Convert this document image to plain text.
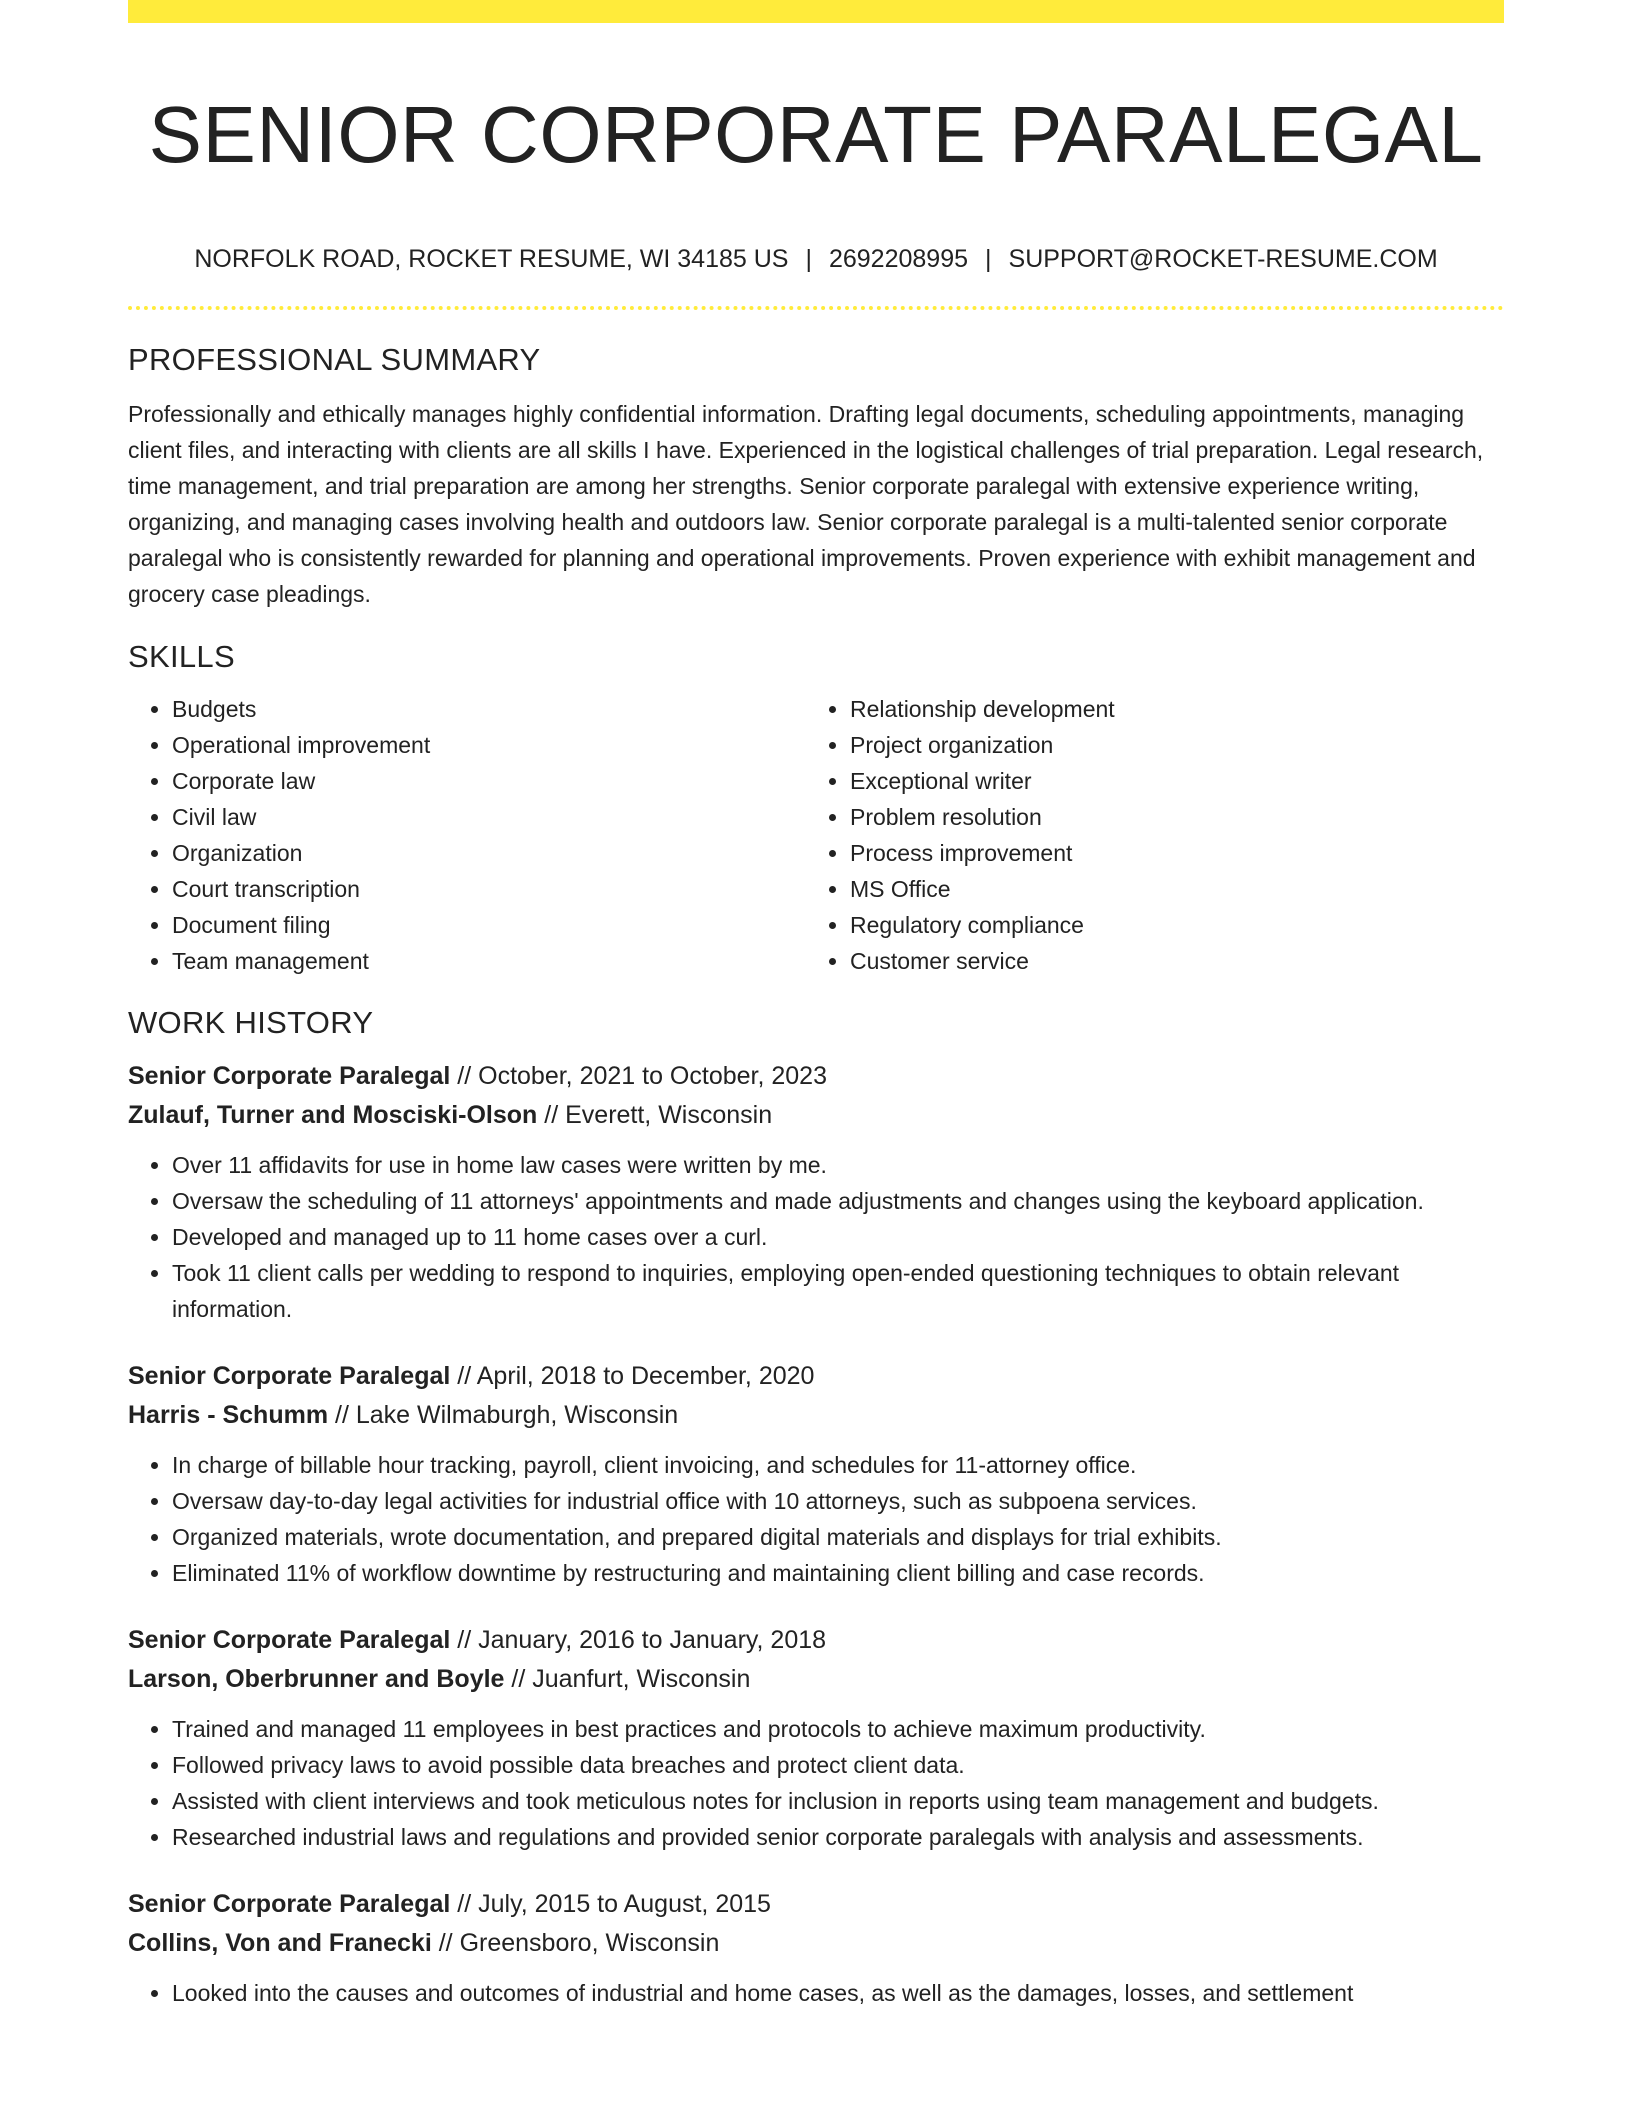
SENIOR CORPORATE PARALEGAL
NORFOLK ROAD, ROCKET RESUME, WI 34185 US | 2692208995 | SUPPORT@ROCKET-RESUME.COM
PROFESSIONAL SUMMARY

Professionally and ethically manages highly confidential information. Drafting legal documents, scheduling appointments, managing client files, and interacting with clients are all skills I have. Experienced in the logistical challenges of trial preparation. Legal research, time management, and trial preparation are among her strengths. Senior corporate paralegal with extensive experience writing, organizing, and managing cases involving health and outdoors law. Senior corporate paralegal is a multi-talented senior corporate paralegal who is consistently rewarded for planning and operational improvements. Proven experience with exhibit management and grocery case pleadings.

SKILLS
• Budgets
• Operational improvement
• Corporate law
• Civil law
• Organization
• Court transcription
• Document filing
• Team management
• Relationship development
• Project organization
• Exceptional writer
• Problem resolution
• Process improvement
• MS Office
• Regulatory compliance
• Customer service
WORK HISTORY
Senior Corporate Paralegal // October, 2021 to October, 2023
Zulauf, Turner and Mosciski-Olson // Everett, Wisconsin
• Over 11 affidavits for use in home law cases were written by me.
• Oversaw the scheduling of 11 attorneys' appointments and made adjustments and changes using the keyboard application.
• Developed and managed up to 11 home cases over a curl.
• Took 11 client calls per wedding to respond to inquiries, employing open-ended questioning techniques to obtain relevant information.
Senior Corporate Paralegal // April, 2018 to December, 2020
Harris - Schumm // Lake Wilmaburgh, Wisconsin
• In charge of billable hour tracking, payroll, client invoicing, and schedules for 11-attorney office.
• Oversaw day-to-day legal activities for industrial office with 10 attorneys, such as subpoena services.
• Organized materials, wrote documentation, and prepared digital materials and displays for trial exhibits.
• Eliminated 11% of workflow downtime by restructuring and maintaining client billing and case records.
Senior Corporate Paralegal // January, 2016 to January, 2018
Larson, Oberbrunner and Boyle // Juanfurt, Wisconsin
• Trained and managed 11 employees in best practices and protocols to achieve maximum productivity.
• Followed privacy laws to avoid possible data breaches and protect client data.
• Assisted with client interviews and took meticulous notes for inclusion in reports using team management and budgets.
• Researched industrial laws and regulations and provided senior corporate paralegals with analysis and assessments.
Senior Corporate Paralegal // July, 2015 to August, 2015
Collins, Von and Franecki // Greensboro, Wisconsin
• Looked into the causes and outcomes of industrial and home cases, as well as the damages, losses, and settlement
